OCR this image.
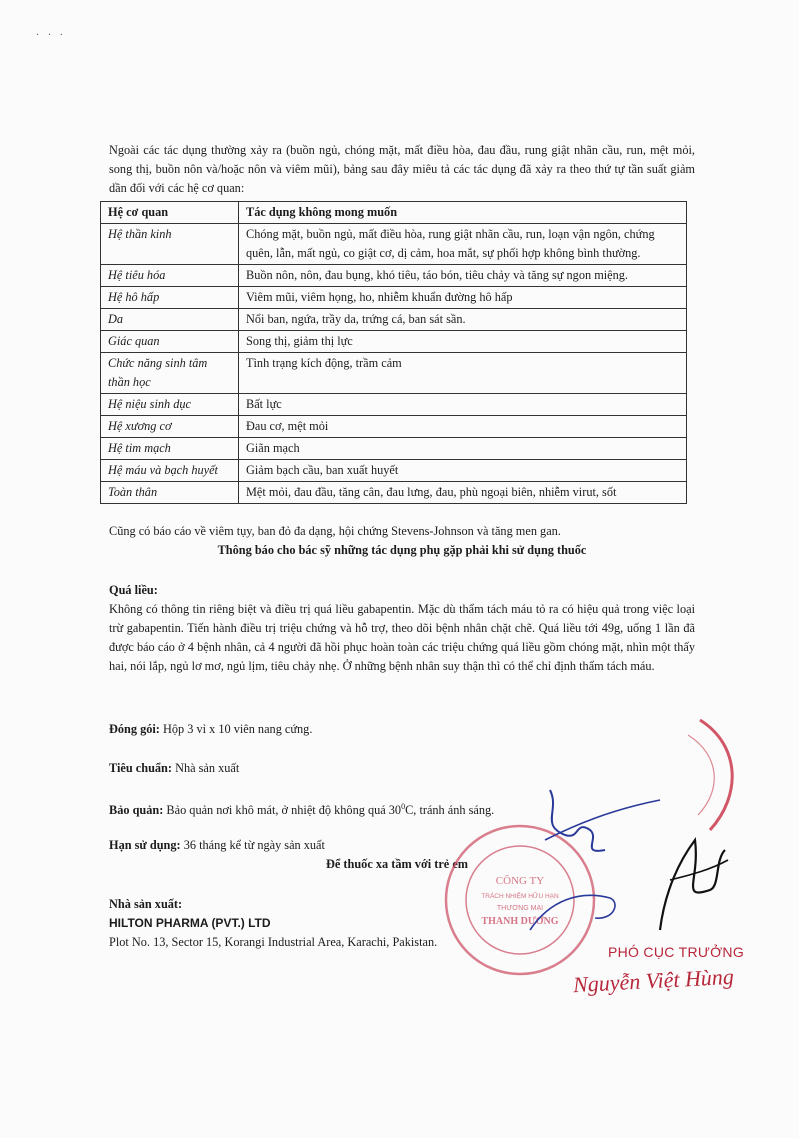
· · ·
Ngoài các tác dụng thường xảy ra (buồn ngủ, chóng mặt, mất điều hòa, đau đầu, rung giật nhãn cầu, run, mệt mỏi, song thị, buồn nôn và/hoặc nôn và viêm mũi), bảng sau đây miêu tả các tác dụng đã xảy ra theo thứ tự tần suất giảm dần đối với các hệ cơ quan:
Hệ cơ quan	Tác dụng không mong muốn
Hệ thần kinh	Chóng mặt, buồn ngủ, mất điều hòa, rung giật nhãn cầu, run, loạn vận ngôn, chứng quên, lẫn, mất ngủ, co giật cơ, dị cảm, hoa mắt, sự phối hợp không bình thường.
Hệ tiêu hóa	Buồn nôn, nôn, đau bụng, khó tiêu, táo bón, tiêu chảy và tăng sự ngon miệng.
Hệ hô hấp	Viêm mũi, viêm họng, ho, nhiễm khuẩn đường hô hấp
Da	Nổi ban, ngứa, trầy da, trứng cá, ban sát sần.
Giác quan	Song thị, giảm thị lực
Chức năng sinh tâm thần học	Tình trạng kích động, trầm cảm
Hệ niệu sinh dục	Bất lực
Hệ xương cơ	Đau cơ, mệt mỏi
Hệ tim mạch	Giãn mạch
Hệ máu và bạch huyết	Giảm bạch cầu, ban xuất huyết
Toàn thân	Mệt mỏi, đau đầu, tăng cân, đau lưng, đau, phù ngoại biên, nhiễm virut, sốt
Cũng có báo cáo về viêm tụy, ban đỏ đa dạng, hội chứng Stevens-Johnson và tăng men gan.
Thông báo cho bác sỹ những tác dụng phụ gặp phải khi sử dụng thuốc
Quá liều:
Không có thông tin riêng biệt và điều trị quá liều gabapentin. Mặc dù thẩm tách máu tỏ ra có hiệu quả trong việc loại trừ gabapentin. Tiến hành điều trị triệu chứng và hỗ trợ, theo dõi bệnh nhân chặt chẽ. Quá liều tới 49g, uống 1 lần đã được báo cáo ở 4 bệnh nhân, cả 4 người đã hồi phục hoàn toàn các triệu chứng quá liều gồm chóng mặt, nhìn một thấy hai, nói lắp, ngủ lơ mơ, ngủ lịm, tiêu chảy nhẹ. Ở những bệnh nhân suy thận thì có thể chỉ định thẩm tách máu.
Đóng gói: Hộp 3 vỉ x 10 viên nang cứng.
Tiêu chuẩn: Nhà sản xuất
Bảo quản: Bảo quản nơi khô mát, ở nhiệt độ không quá $30^0C$, tránh ánh sáng.
Hạn sử dụng: 36 tháng kể từ ngày sản xuất
Để thuốc xa tầm với trẻ em
Nhà sản xuất:
HILTON PHARMA (PVT.) LTD
Plot No. 13, Sector 15, Korangi Industrial Area, Karachi, Pakistan.
CÔNG TY
TRÁCH NHIỆM HỮU HẠN
THƯƠNG MẠI
THANH DƯƠNG
PHÓ CỤC TRƯỞNG
Nguyễn Việt Hùng
